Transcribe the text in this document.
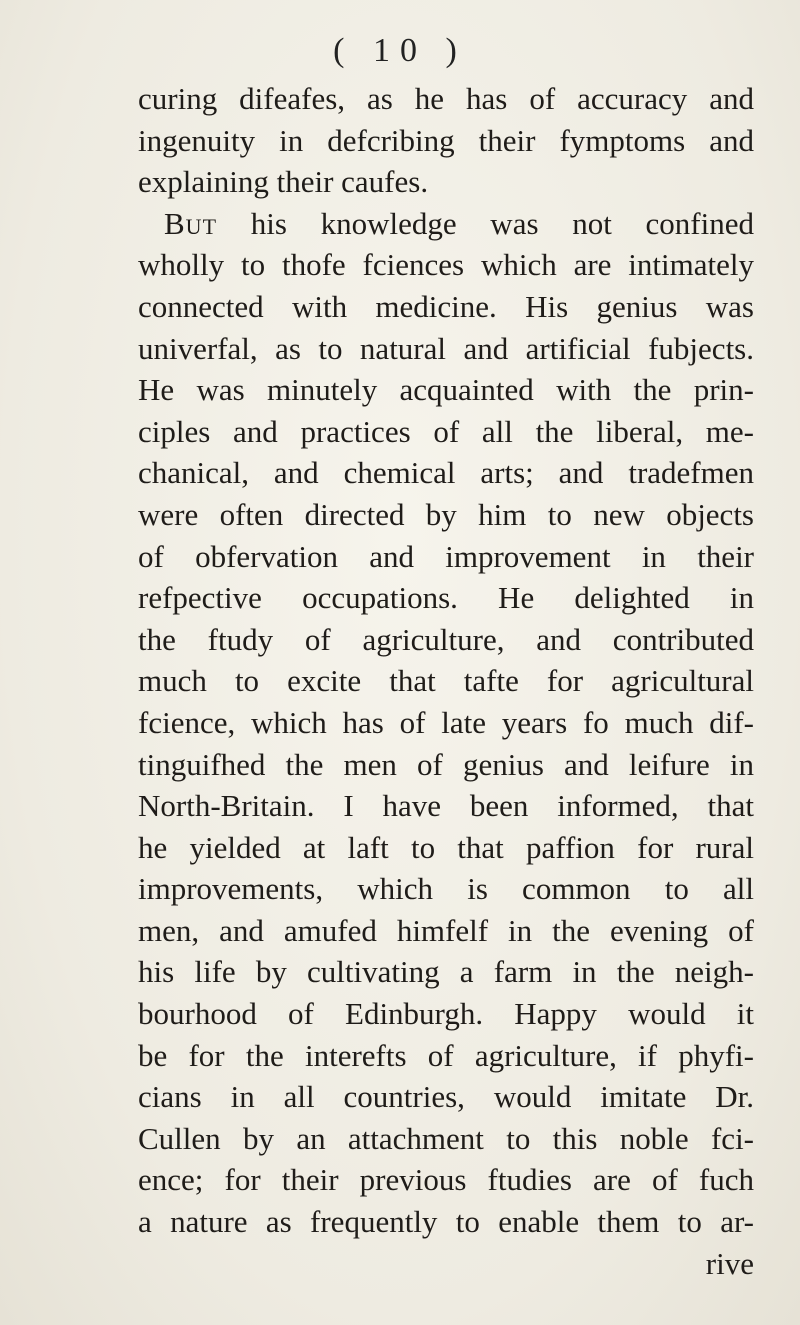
( 10 )
curing difeafes, as he has of accuracy and
ingenuity in defcribing their fymptoms and
explaining their caufes.
But his knowledge was not confined
wholly to thofe fciences which are intimately
connected with medicine. His genius was
univerfal, as to natural and artificial fubjects.
He was minutely acquainted with the prin-
ciples and practices of all the liberal, me-
chanical, and chemical arts; and tradefmen
were often directed by him to new objects
of obfervation and improvement in their
refpective occupations. He delighted in
the ftudy of agriculture, and contributed
much to excite that tafte for agricultural
fcience, which has of late years fo much dif-
tinguifhed the men of genius and leifure in
North-Britain. I have been informed, that
he yielded at laft to that paffion for rural
improvements, which is common to all
men, and amufed himfelf in the evening of
his life by cultivating a farm in the neigh-
bourhood of Edinburgh. Happy would it
be for the interefts of agriculture, if phyfi-
cians in all countries, would imitate Dr.
Cullen by an attachment to this noble fci-
ence; for their previous ftudies are of fuch
a nature as frequently to enable them to ar-
rive
